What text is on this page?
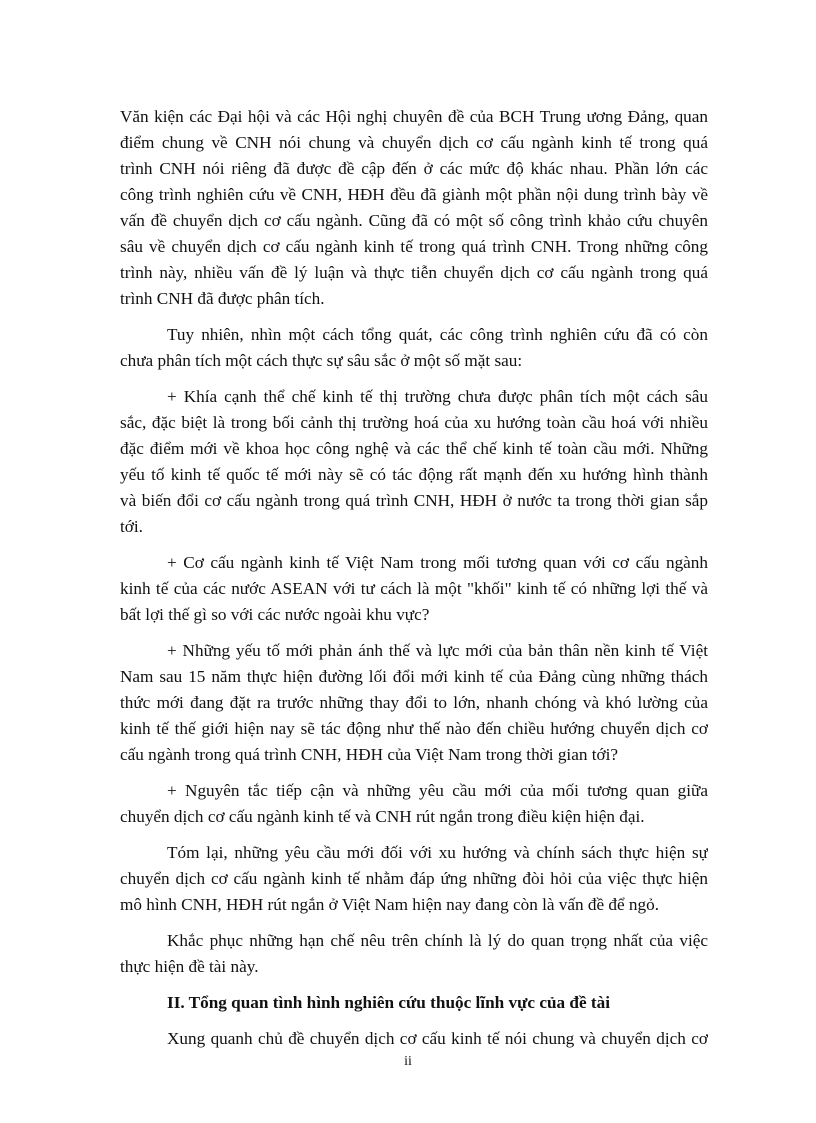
Văn kiện các Đại hội và các Hội nghị chuyên đề của BCH Trung ương Đảng, quan
điểm chung về CNH nói chung và chuyển dịch cơ cấu ngành kinh tế trong quá
trình CNH nói riêng đã được đề cập đến ở các mức độ khác nhau. Phần lớn các
công trình nghiên cứu về CNH, HĐH đều đã giành một phần nội dung trình bày về
vấn đề chuyển dịch cơ cấu ngành. Cũng đã có một số công trình khảo cứu chuyên
sâu về chuyển dịch cơ cấu ngành kinh tế trong quá trình CNH. Trong những công
trình này, nhiều vấn đề lý luận và thực tiễn chuyển dịch cơ cấu ngành trong quá
trình CNH đã được phân tích.
Tuy nhiên, nhìn một cách tổng quát, các công trình nghiên cứu đã có còn
chưa phân tích một cách thực sự sâu sắc ở một số mặt sau:
+ Khía cạnh thể chế kinh tế thị trường chưa được phân tích một cách sâu
sắc, đặc biệt là trong bối cảnh thị trường hoá của xu hướng toàn cầu hoá với nhiều
đặc điểm mới về khoa học công nghệ và các thể chế kinh tế toàn cầu mới. Những
yếu tố kinh tế quốc tế mới này sẽ có tác động rất mạnh đến xu hướng hình thành
và biến đổi cơ cấu ngành trong quá trình CNH, HĐH ở nước ta trong thời gian sắp
tới.
+ Cơ cấu ngành kinh tế Việt Nam trong mối tương quan với cơ cấu ngành
kinh tế của các nước ASEAN với tư cách là một "khối" kinh tế có những lợi thế và
bất lợi thế gì so với các nước ngoài khu vực?
+ Những yếu tố mới phản ánh thế và lực mới của bản thân nền kinh tế Việt
Nam sau 15 năm thực hiện đường lối đổi mới kinh tế của Đảng cùng những thách
thức mới đang đặt ra trước những thay đổi to lớn, nhanh chóng và khó lường của
kinh tế thế giới hiện nay sẽ tác động như thế nào đến chiều hướng chuyển dịch cơ
cấu ngành trong quá trình CNH, HĐH của Việt Nam trong thời gian tới?
+ Nguyên tắc tiếp cận và những yêu cầu mới của mối tương quan giữa
chuyển dịch cơ cấu ngành kinh tế và CNH rút ngắn trong điều kiện hiện đại.
Tóm lại, những yêu cầu mới đối với xu hướng và chính sách thực hiện sự
chuyển dịch cơ cấu ngành kinh tế nhằm đáp ứng những đòi hỏi của việc thực hiện
mô hình CNH, HĐH rút ngắn ở Việt Nam hiện nay đang còn là vấn đề để ngỏ.
Khắc phục những hạn chế nêu trên chính là lý do quan trọng nhất của việc
thực hiện đề tài này.
II. Tổng quan tình hình nghiên cứu thuộc lĩnh vực của đề tài
Xung quanh chủ đề chuyển dịch cơ cấu kinh tế nói chung và chuyển dịch cơ
ii
